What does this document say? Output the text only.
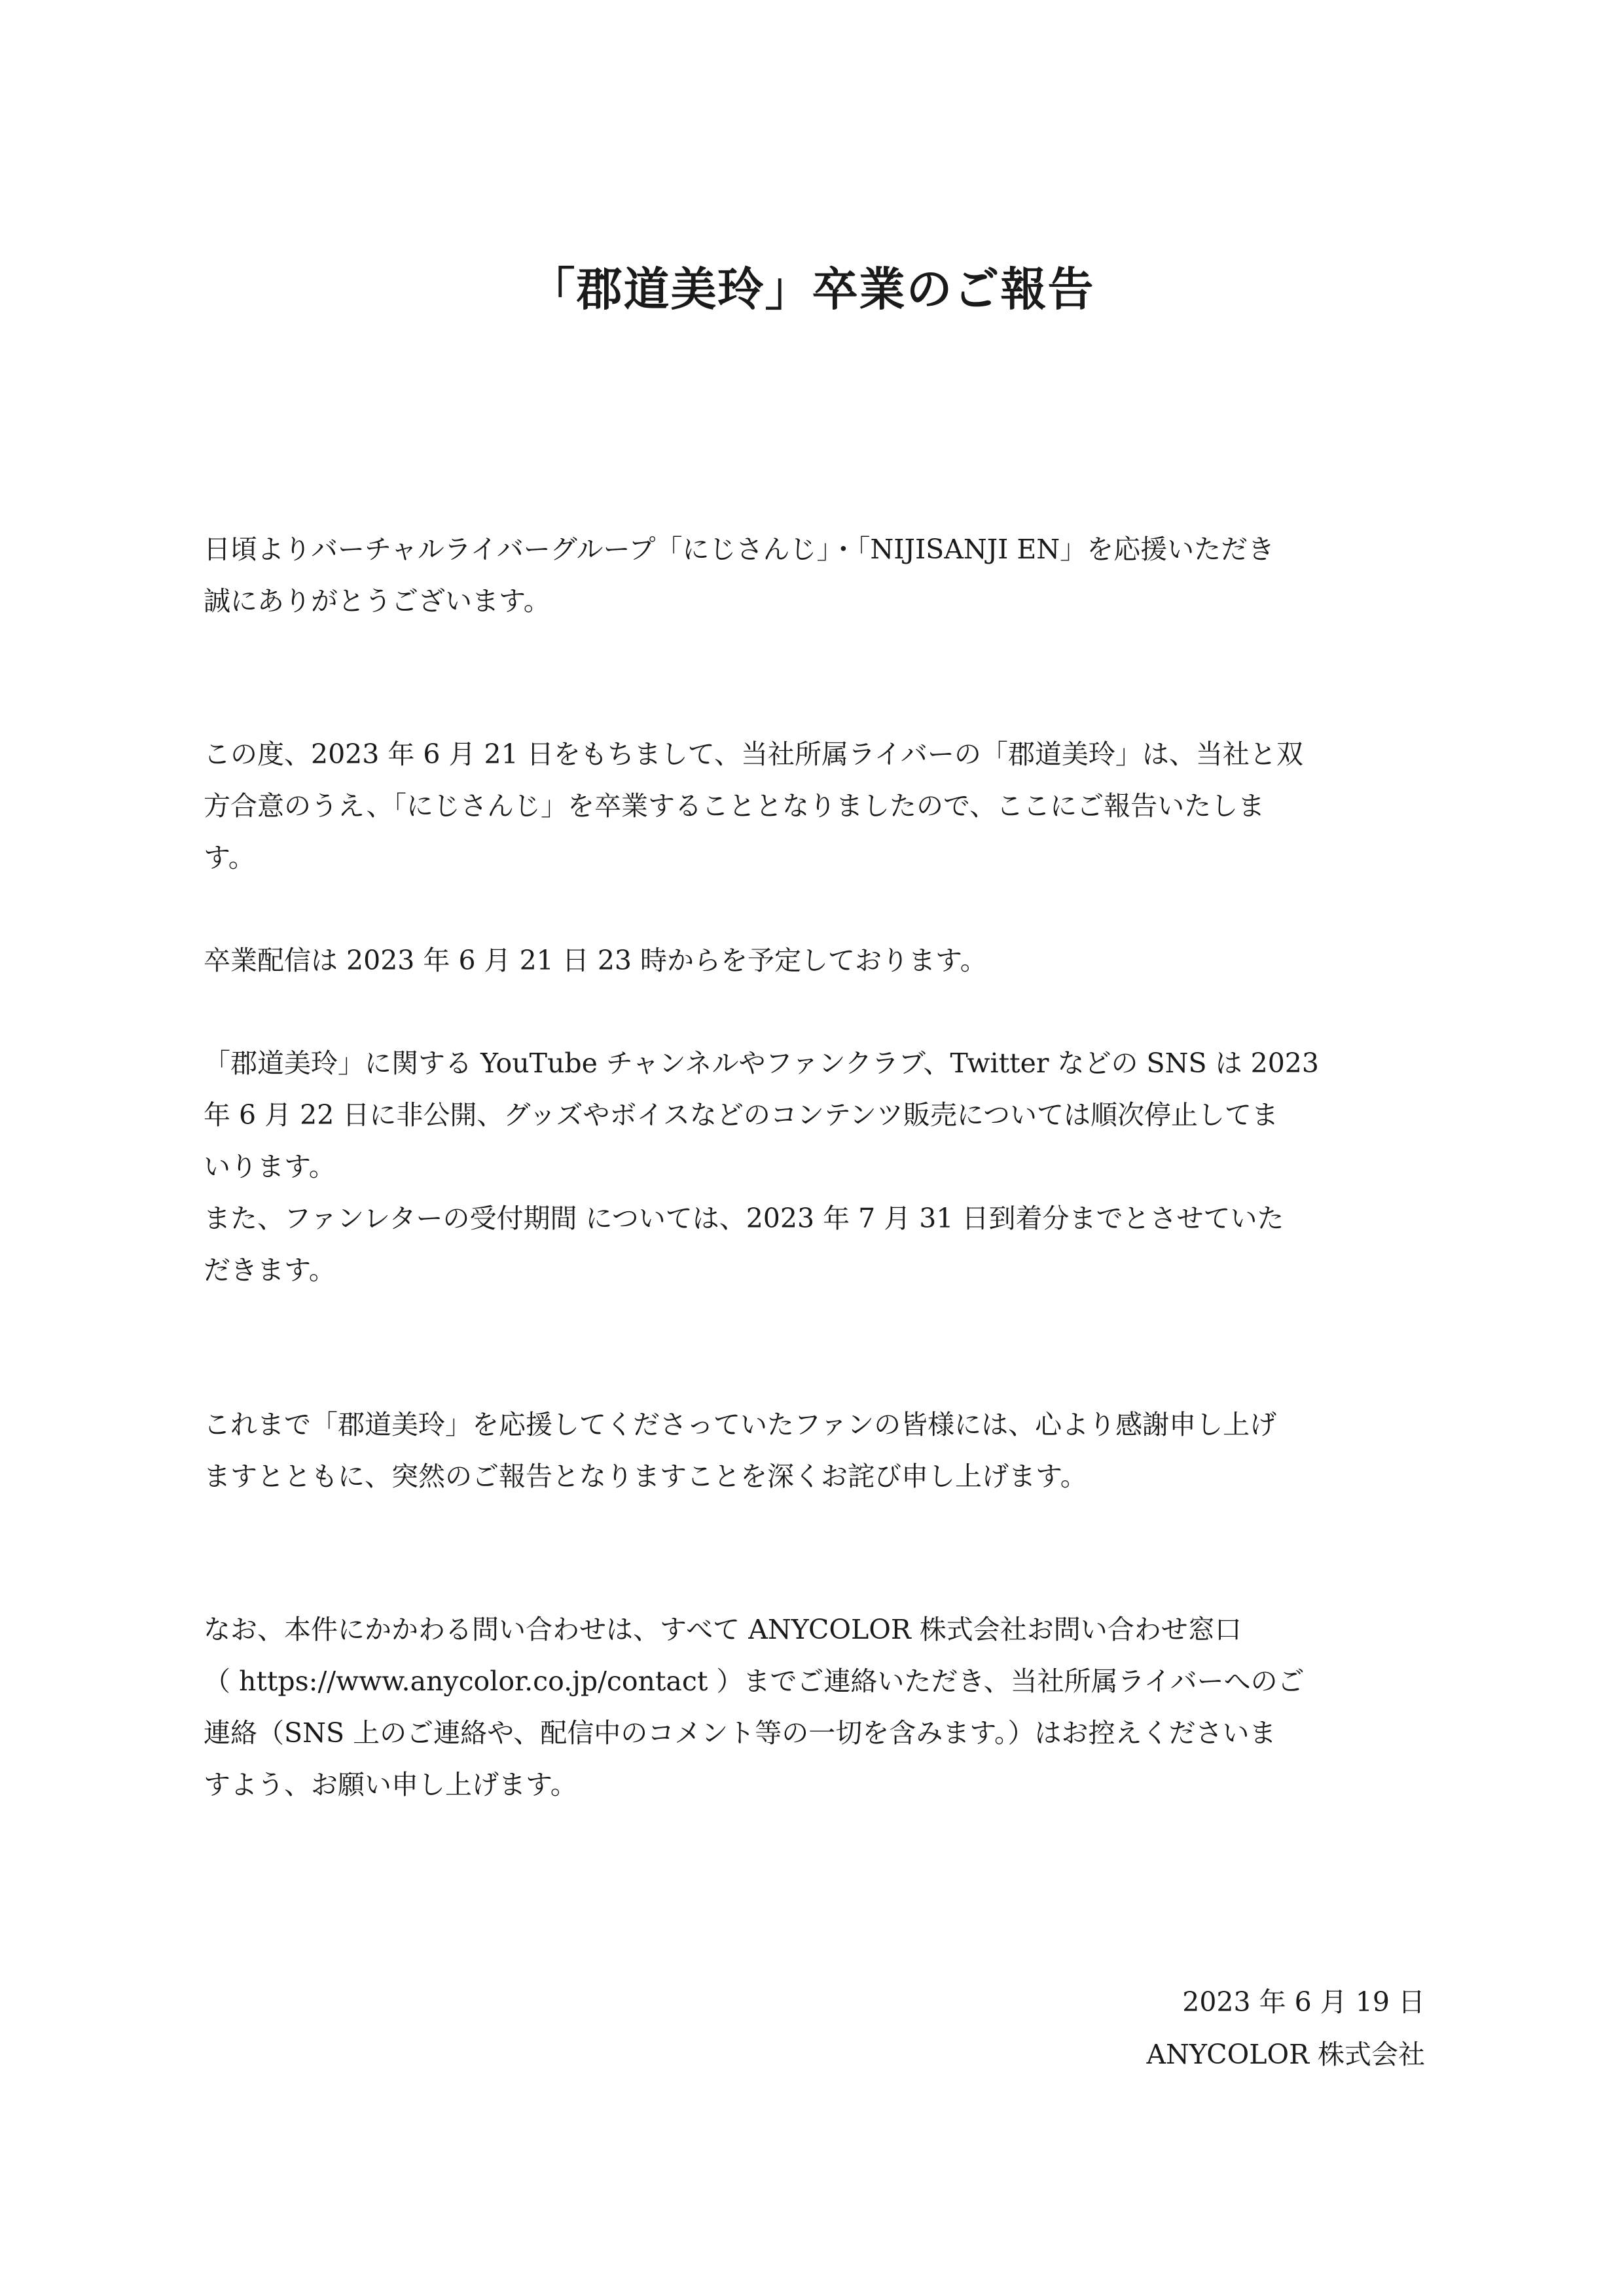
「郡道美玲」卒業のご報告

日頃よりバーチャルライバーグループ「にじさんじ」・「NIJISANJI EN」を応援いただき
誠にありがとうございます。

この度、2023 年 6 月 21 日をもちまして、当社所属ライバーの「郡道美玲」は、当社と双
方合意のうえ、「にじさんじ」を卒業することとなりましたので、ここにご報告いたしま
す。

卒業配信は 2023 年 6 月 21 日 23 時からを予定しております。

「郡道美玲」に関する YouTube チャンネルやファンクラブ、Twitter などの SNS は 2023
年 6 月 22 日に非公開、グッズやボイスなどのコンテンツ販売については順次停止してま
いります。
また、ファンレターの受付期間 については、2023 年 7 月 31 日到着分までとさせていた
だきます。

これまで「郡道美玲」を応援してくださっていたファンの皆様には、心より感謝申し上げ
ますとともに、突然のご報告となりますことを深くお詫び申し上げます。

なお、本件にかかわる問い合わせは、すべて ANYCOLOR 株式会社お問い合わせ窓口
（ https://www.anycolor.co.jp/contact ）までご連絡いただき、当社所属ライバーへのご
連絡（SNS 上のご連絡や、配信中のコメント等の一切を含みます。）はお控えくださいま
すよう、お願い申し上げます。

2023 年 6 月 19 日
ANYCOLOR 株式会社
